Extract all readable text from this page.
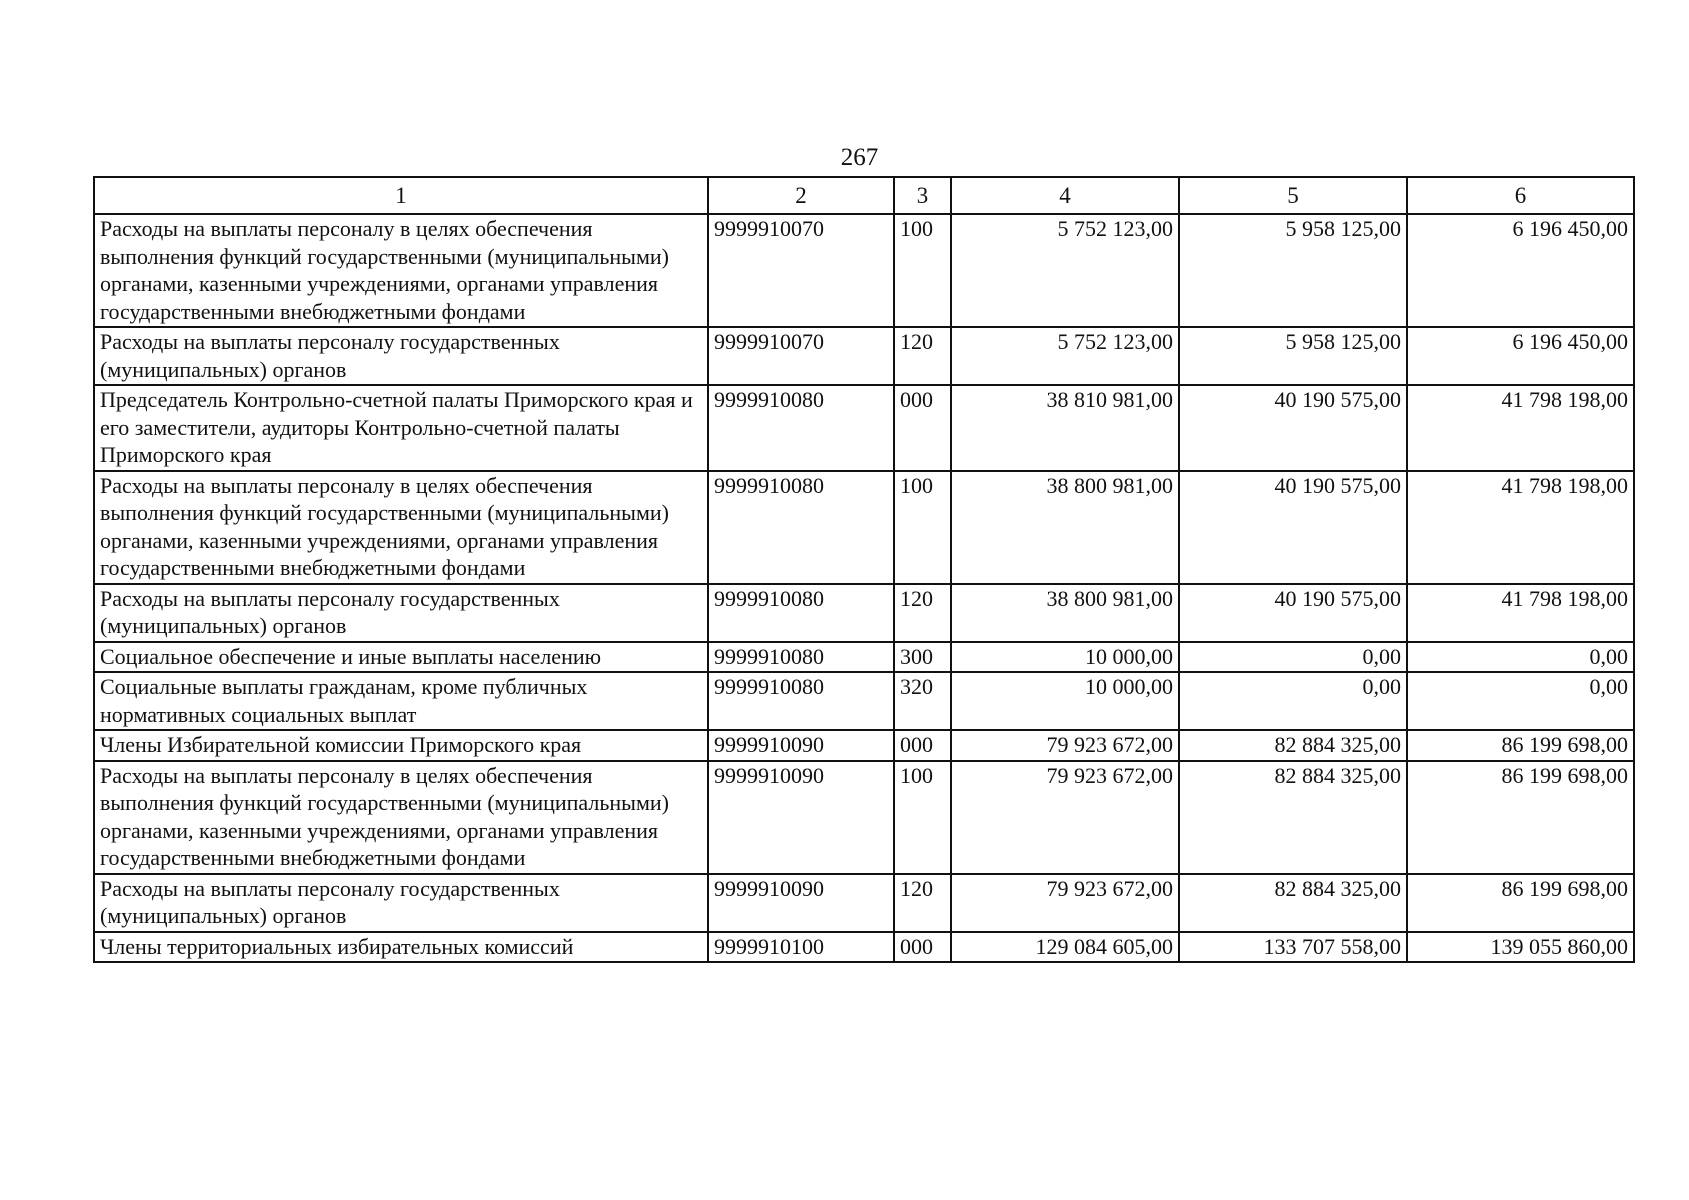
267
1	2	3	4	5	6
Расходы на выплаты персоналу в целях обеспечения выполнения функций государственными (муниципальными) органами, казенными учреждениями, органами управления государственными внебюджетными фондами	9999910070	100	5 752 123,00	5 958 125,00	6 196 450,00
Расходы на выплаты персоналу государственных (муниципальных) органов	9999910070	120	5 752 123,00	5 958 125,00	6 196 450,00
Председатель Контрольно-счетной палаты Приморского края и его заместители, аудиторы Контрольно-счетной палаты Приморского края	9999910080	000	38 810 981,00	40 190 575,00	41 798 198,00
Расходы на выплаты персоналу в целях обеспечения выполнения функций государственными (муниципальными) органами, казенными учреждениями, органами управления государственными внебюджетными фондами	9999910080	100	38 800 981,00	40 190 575,00	41 798 198,00
Расходы на выплаты персоналу государственных (муниципальных) органов	9999910080	120	38 800 981,00	40 190 575,00	41 798 198,00
Социальное обеспечение и иные выплаты населению	9999910080	300	10 000,00	0,00	0,00
Социальные выплаты гражданам, кроме публичных нормативных социальных выплат	9999910080	320	10 000,00	0,00	0,00
Члены Избирательной комиссии Приморского края	9999910090	000	79 923 672,00	82 884 325,00	86 199 698,00
Расходы на выплаты персоналу в целях обеспечения выполнения функций государственными (муниципальными) органами, казенными учреждениями, органами управления государственными внебюджетными фондами	9999910090	100	79 923 672,00	82 884 325,00	86 199 698,00
Расходы на выплаты персоналу государственных (муниципальных) органов	9999910090	120	79 923 672,00	82 884 325,00	86 199 698,00
Члены территориальных избирательных комиссий	9999910100	000	129 084 605,00	133 707 558,00	139 055 860,00
